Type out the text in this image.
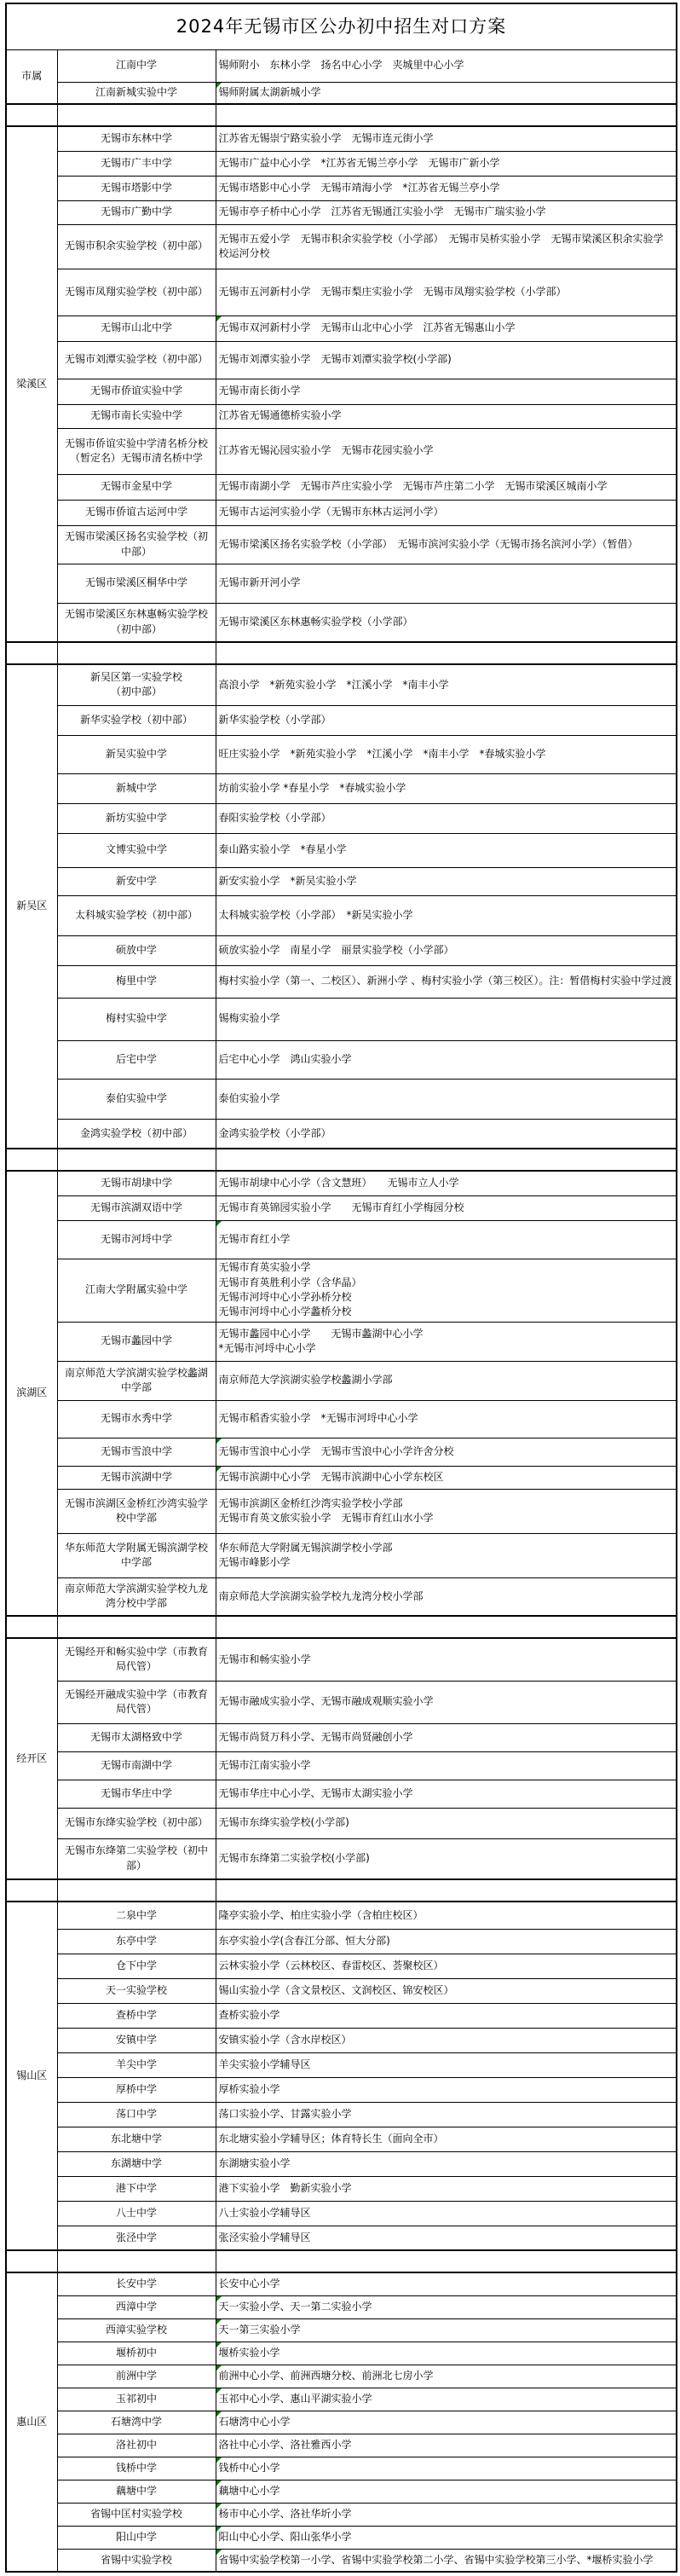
2024年无锡市区公办初中招生对口方案		
市属	江南中学	锡师附小　东林小学　扬名中心小学　夹城里中心小学

	江南新城实验中学	锡师附属太湖新城小学

梁溪区	无锡市东林中学	江苏省无锡崇宁路实验小学　无锡市连元街小学

	无锡市广丰中学	无锡市广益中心小学　*江苏省无锡兰亭小学　无锡市广新小学

	无锡市塔影中学	无锡市塔影中心小学　无锡市靖海小学　*江苏省无锡兰亭小学

	无锡市广勤中学	无锡市亭子桥中心小学　江苏省无锡通江实验小学　无锡市广瑞实验小学

	无锡市积余实验学校（初中部）	无锡市五爱小学　无锡市积余实验学校（小学部）　无锡市吴桥实验小学　无锡市梁溪区积余实验学校运河分校

	无锡市凤翔实验学校（初中部）	无锡市五河新村小学　无锡市梨庄实验小学　无锡市凤翔实验学校（小学部）

	无锡市山北中学	无锡市双河新村小学　无锡市山北中心小学　江苏省无锡惠山小学

	无锡市刘潭实验学校（初中部）	无锡市刘潭实验小学　无锡市刘潭实验学校(小学部)

	无锡市侨谊实验中学	无锡市南长街小学

	无锡市南长实验中学	江苏省无锡通德桥实验小学

	无锡市侨谊实验中学清名桥分校（暂定名）无锡市清名桥中学	江苏省无锡沁园实验小学　无锡市花园实验小学

	无锡市金星中学	无锡市南湖小学　无锡市芦庄实验小学　无锡市芦庄第二小学　无锡市梁溪区城南小学

	无锡市侨谊古运河中学	无锡市古运河实验小学（无锡市东林古运河小学）

	无锡市梁溪区扬名实验学校（初中部）	无锡市梁溪区扬名实验学校（小学部）　无锡市滨河实验小学（无锡市扬名滨河小学）（暂借）

	无锡市梁溪区桐华中学	无锡市新开河小学

	无锡市梁溪区东林惠畅实验学校（初中部）	无锡市梁溪区东林惠畅实验学校（小学部）

新吴区	新吴区第一实验学校
（初中部）	高浪小学　*新苑实验小学　*江溪小学　*南丰小学

	新华实验学校（初中部）	新华实验学校（小学部）

	新吴实验中学	旺庄实验小学　*新苑实验小学　*江溪小学　*南丰小学　*春城实验小学

	新城中学	坊前实验小学 *春星小学　*春城实验小学

	新坊实验中学	春阳实验学校（小学部）

	文博实验中学	泰山路实验小学　*春星小学

	新安中学	新安实验小学　*新吴实验小学

	太科城实验学校（初中部）	太科城实验学校（小学部）　*新吴实验小学

	硕放中学	硕放实验小学　南星小学　丽景实验学校（小学部）

	梅里中学	梅村实验小学（第一、二校区）、新洲小学 、梅村实验小学（第三校区）。注：暂借梅村实验中学过渡

	梅村实验中学	锡梅实验小学

	后宅中学	后宅中心小学　鸿山实验小学

	泰伯实验中学	泰伯实验小学

	金鸿实验学校（初中部）	金鸿实验学校（小学部）

滨湖区	无锡市胡埭中学	无锡市胡埭中心小学（含文慧班）　　无锡市立人小学

	无锡市滨湖双语中学	无锡市育英锦园实验小学　　无锡市育红小学梅园分校

	无锡市河埒中学	无锡市育红小学

	江南大学附属实验中学	无锡市育英实验小学
无锡市育英胜利小学（含华晶）
无锡市河埒中心小学孙桥分校
无锡市河埒中心小学蠡桥分校

	无锡市蠡园中学	无锡市蠡园中心小学　　无锡市蠡湖中心小学
*无锡市河埒中心小学

	南京师范大学滨湖实验学校蠡湖中学部	南京师范大学滨湖实验学校蠡湖小学部

	无锡市水秀中学	无锡市稻香实验小学　*无锡市河埒中心小学

	无锡市雪浪中学	无锡市雪浪中心小学　无锡市雪浪中心小学许舍分校

	无锡市滨湖中学	无锡市滨湖中心小学　无锡市滨湖中心小学东校区

	无锡市滨湖区金桥红沙湾实验学校中学部	无锡市滨湖区金桥红沙湾实验学校小学部
无锡市育英文旅实验小学　无锡市育红山水小学

	华东师范大学附属无锡滨湖学校中学部	华东师范大学附属无锡滨湖学校小学部
无锡市峰影小学

	南京师范大学滨湖实验学校九龙湾分校中学部	南京师范大学滨湖实验学校九龙湾分校小学部

经开区	无锡经开和畅实验中学（市教育局代管）	无锡市和畅实验小学

	无锡经开融成实验中学（市教育局代管）	无锡市融成实验小学、无锡市融成观顺实验小学

	无锡市太湖格致中学	无锡市尚贤万科小学、无锡市尚贤融创小学

	无锡市南湖中学	无锡市江南实验小学

	无锡市华庄中学	无锡市华庄中心小学、无锡市太湖实验小学

	无锡市东绛实验学校（初中部）	无锡市东绛实验学校(小学部)

	无锡市东绛第二实验学校（初中部）	无锡市东绛第二实验学校(小学部)

锡山区	二泉中学	隆亭实验小学、柏庄实验小学（含柏庄校区）

	东亭中学	东亭实验小学(含春江分部、恒大分部)

	仓下中学	云林实验小学（云林校区、春雷校区、荟聚校区）

	天一实验学校	锡山实验小学（含文景校区、文润校区、锦安校区）

	查桥中学	查桥实验小学

	安镇中学	安镇实验小学（含水岸校区）

	羊尖中学	羊尖实验小学辅导区

	厚桥中学	厚桥实验小学

	荡口中学	荡口实验小学、甘露实验小学

	东北塘中学	东北塘实验小学辅导区；体育特长生（面向全市）

	东湖塘中学	东湖塘实验小学

	港下中学	港下实验小学　勤新实验小学

	八士中学	八士实验小学辅导区

	张泾中学	张泾实验小学辅导区

惠山区	长安中学	长安中心小学

	西漳中学	天一实验小学、天一第二实验小学

	西漳实验学校	天一第三实验小学

	堰桥初中	堰桥实验小学

	前洲中学	前洲中心小学、前洲西塘分校、前洲北七房小学

	玉祁初中	玉祁中心小学、惠山平湖实验小学

	石塘湾中学	石塘湾中心小学

	洛社初中	洛社中心小学、洛社雅西小学

	钱桥中学	钱桥中心小学

	藕塘中学	藕塘中心小学

	省锡中匡村实验学校	杨市中心小学、洛社华圻小学

	阳山中学	阳山中心小学、阳山张华小学

	省锡中实验学校	省锡中实验学校第一小学、省锡中实验学校第二小学、省锡中实验学校第三小学、*堰桥实验小学
